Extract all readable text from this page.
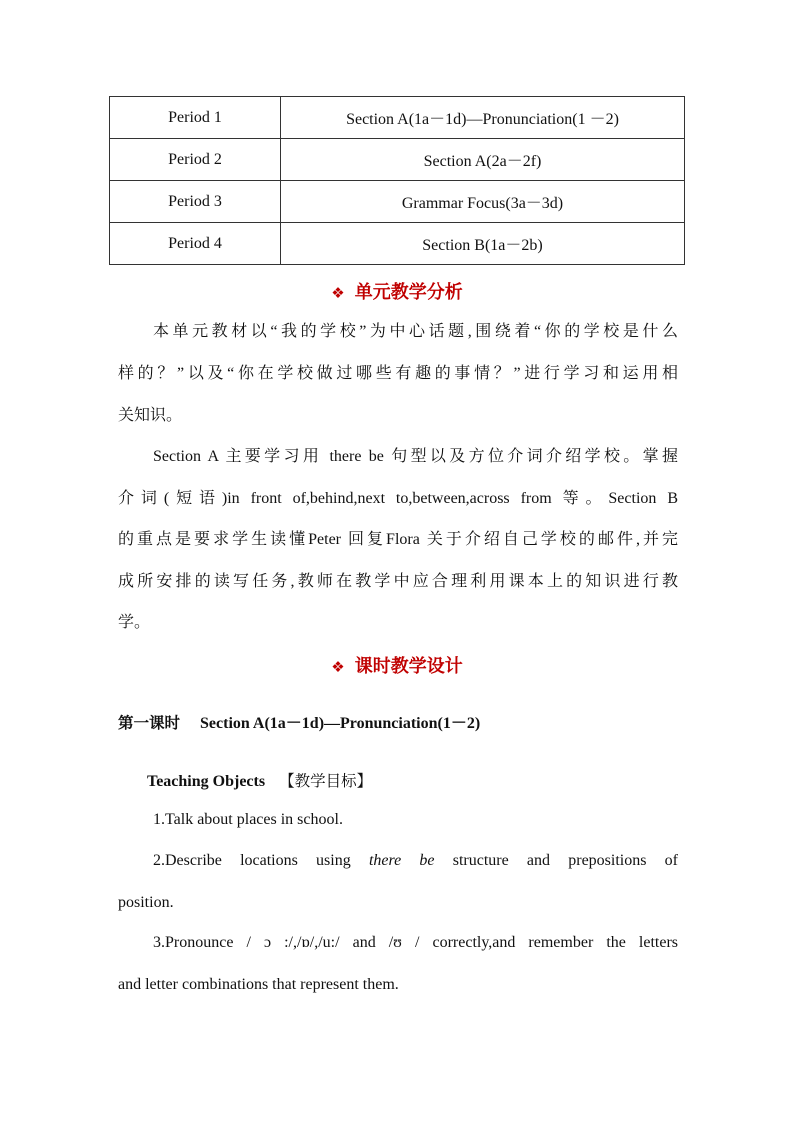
Period 1	Section A(1a－1d)—Pronunciation(1 －2)
Period 2	Section A(2a－2f)
Period 3	Grammar Focus(3a－3d)
Period 4	Section B(1a－2b)
❖ 单元教学分析
本单元教材以“我的学校”为中心话题,围绕着“你的学校是什么
样的？”以及“你在学校做过哪些有趣的事情？”进行学习和运用相
关知识。
Section A 主要学习用 there be 句型以及方位介词介绍学校。掌握
介词(短语)in front of,behind,next to,between,across from 等。Section B
的重点是要求学生读懂Peter 回复Flora 关于介绍自己学校的邮件,并完
成所安排的读写任务,教师在教学中应合理利用课本上的知识进行教
学。
❖ 课时教学设计
第一课时 Section A(1a－1d)—Pronunciation(1－2)
Teaching Objects 【教学目标】
1.Talk about places in school.
2.Describe locations using there be structure and prepositions of
position.
3.Pronounce / ɔ :/,/ɒ/,/u:/ and /ʊ / correctly,and remember the letters
and letter combinations that represent them.
